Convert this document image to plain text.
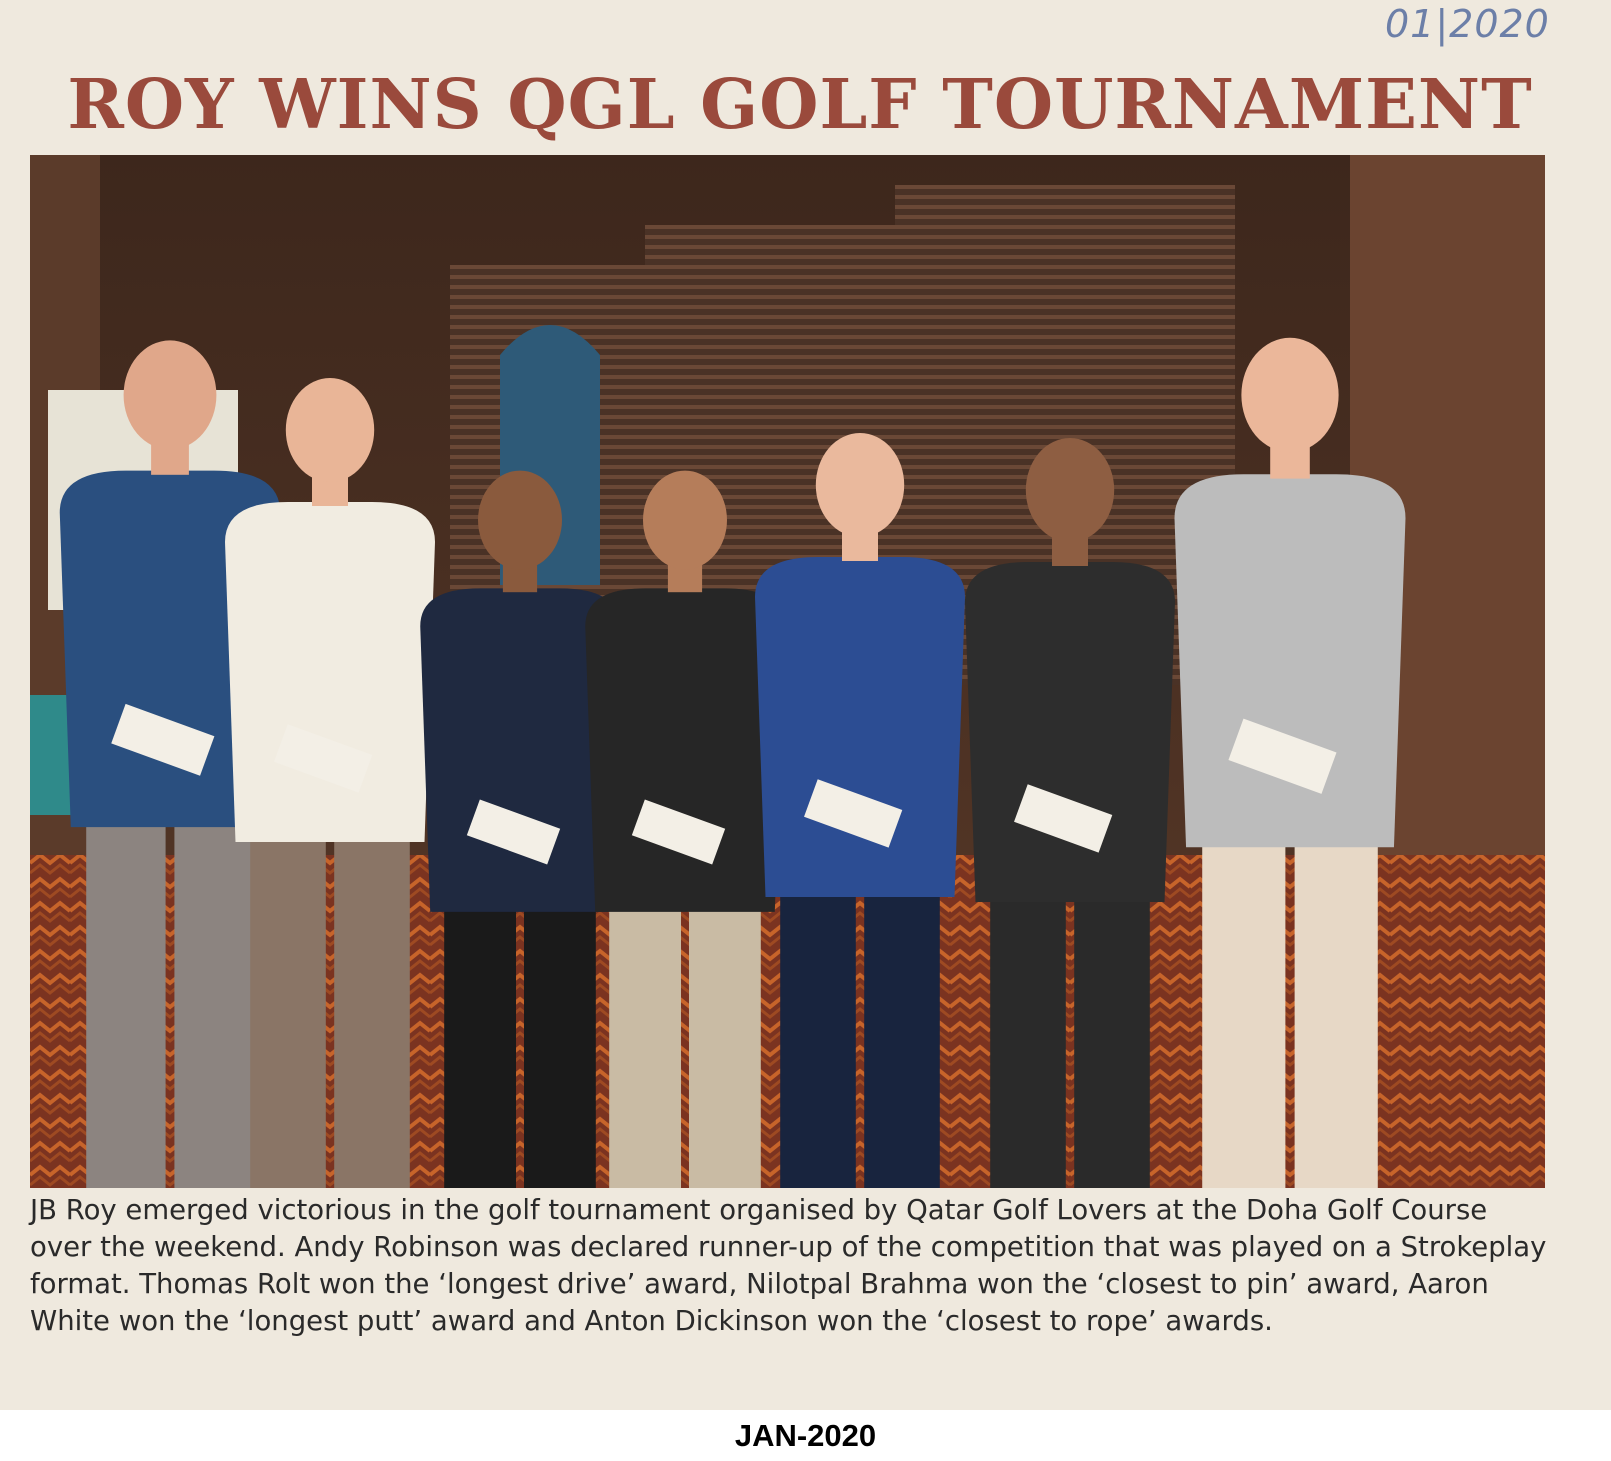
01|2020
ROY WINS QGL GOLF TOURNAMENT

JB Roy emerged victorious in the golf tournament organised by Qatar Golf Lovers at the Doha Golf Course over the weekend. Andy Robinson was declared runner-up of the competition that was played on a Strokeplay format. Thomas Rolt won the ‘longest drive’ award, Nilotpal Brahma won the ‘closest to pin’ award, Aaron White won the ‘longest putt’ award and Anton Dickinson won the ‘closest to rope’ awards.

JAN-2020
